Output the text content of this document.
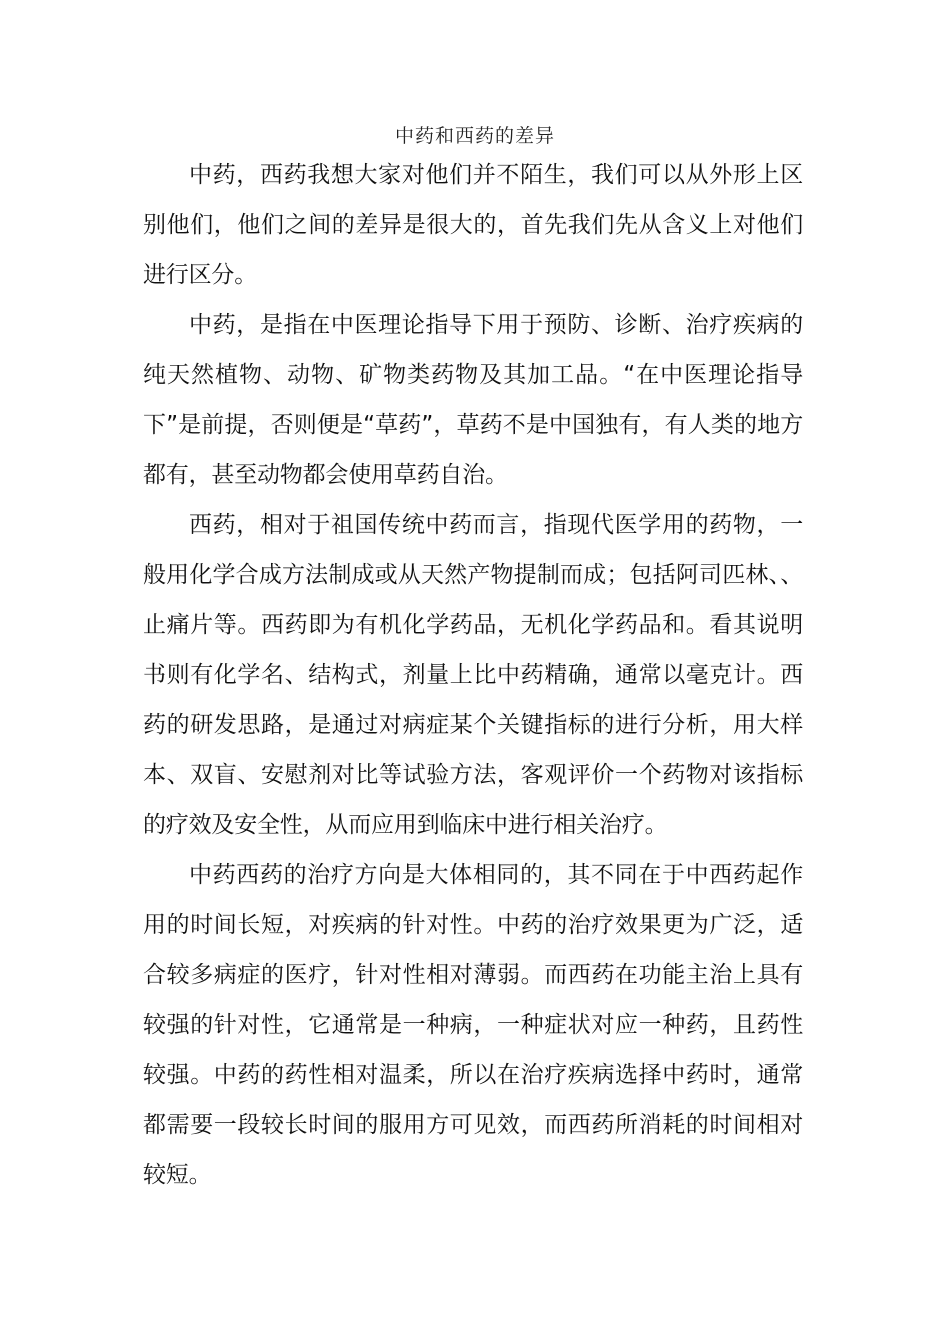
中药和西药的差异

中药，西药我想大家对他们并不陌生，我们可以从外形上区别他们，他们之间的差异是很大的，首先我们先从含义上对他们进行区分。

中药，是指在中医理论指导下用于预防、诊断、治疗疾病的纯天然植物、动物、矿物类药物及其加工品。“在中医理论指导下”是前提，否则便是“草药”，草药不是中国独有，有人类的地方都有，甚至动物都会使用草药自治。

西药，相对于祖国传统中药而言，指现代医学用的药物，一般用化学合成方法制成或从天然产物提制而成；包括阿司匹林、、止痛片等。西药即为有机化学药品，无机化学药品和。看其说明书则有化学名、结构式，剂量上比中药精确，通常以毫克计。西药的研发思路，是通过对病症某个关键指标的进行分析，用大样本、双盲、安慰剂对比等试验方法，客观评价一个药物对该指标的疗效及安全性，从而应用到临床中进行相关治疗。

中药西药的治疗方向是大体相同的，其不同在于中西药起作用的时间长短，对疾病的针对性。中药的治疗效果更为广泛，适合较多病症的医疗，针对性相对薄弱。而西药在功能主治上具有较强的针对性，它通常是一种病，一种症状对应一种药，且药性较强。中药的药性相对温柔，所以在治疗疾病选择中药时，通常都需要一段较长时间的服用方可见效，而西药所消耗的时间相对较短。
